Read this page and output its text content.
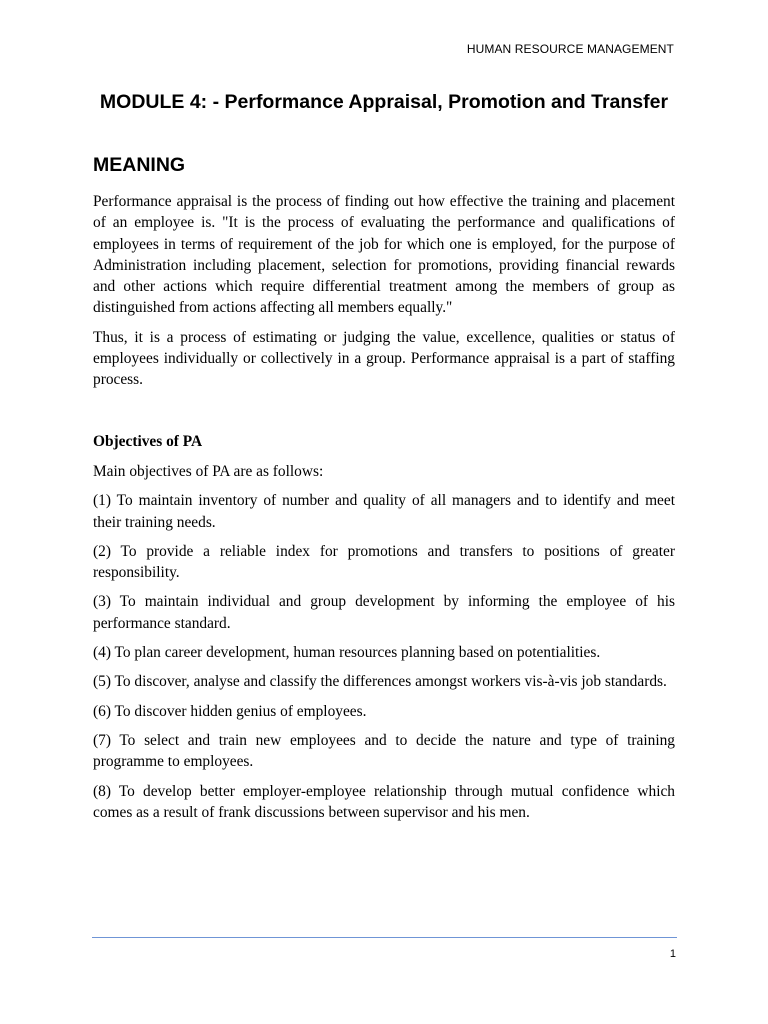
HUMAN RESOURCE MANAGEMENT
MODULE 4: - Performance Appraisal, Promotion and Transfer
MEANING

Performance appraisal is the process of finding out how effective the training and placement of an employee is. "It is the process of evaluating the performance and qualifications of employees in terms of requirement of the job for which one is employed, for the purpose of Administration including placement, selection for promotions, providing financial rewards and other actions which require differential treatment among the members of group as distinguished from actions affecting all members equally."

Thus, it is a process of estimating or judging the value, excellence, qualities or status of employees individually or collectively in a group. Performance appraisal is a part of staffing process.

Objectives of PA

Main objectives of PA are as follows:

(1) To maintain inventory of number and quality of all managers and to identify and meet their training needs.

(2) To provide a reliable index for promotions and transfers to positions of greater responsibility.

(3) To maintain individual and group development by informing the employee of his performance standard.

(4) To plan career development, human resources planning based on potentialities.

(5) To discover, analyse and classify the differences amongst workers vis-à-vis job standards.

(6) To discover hidden genius of employees.

(7) To select and train new employees and to decide the nature and type of training programme to employees.

(8) To develop better employer-employee relationship through mutual confidence which comes as a result of frank discussions between supervisor and his men.

1
